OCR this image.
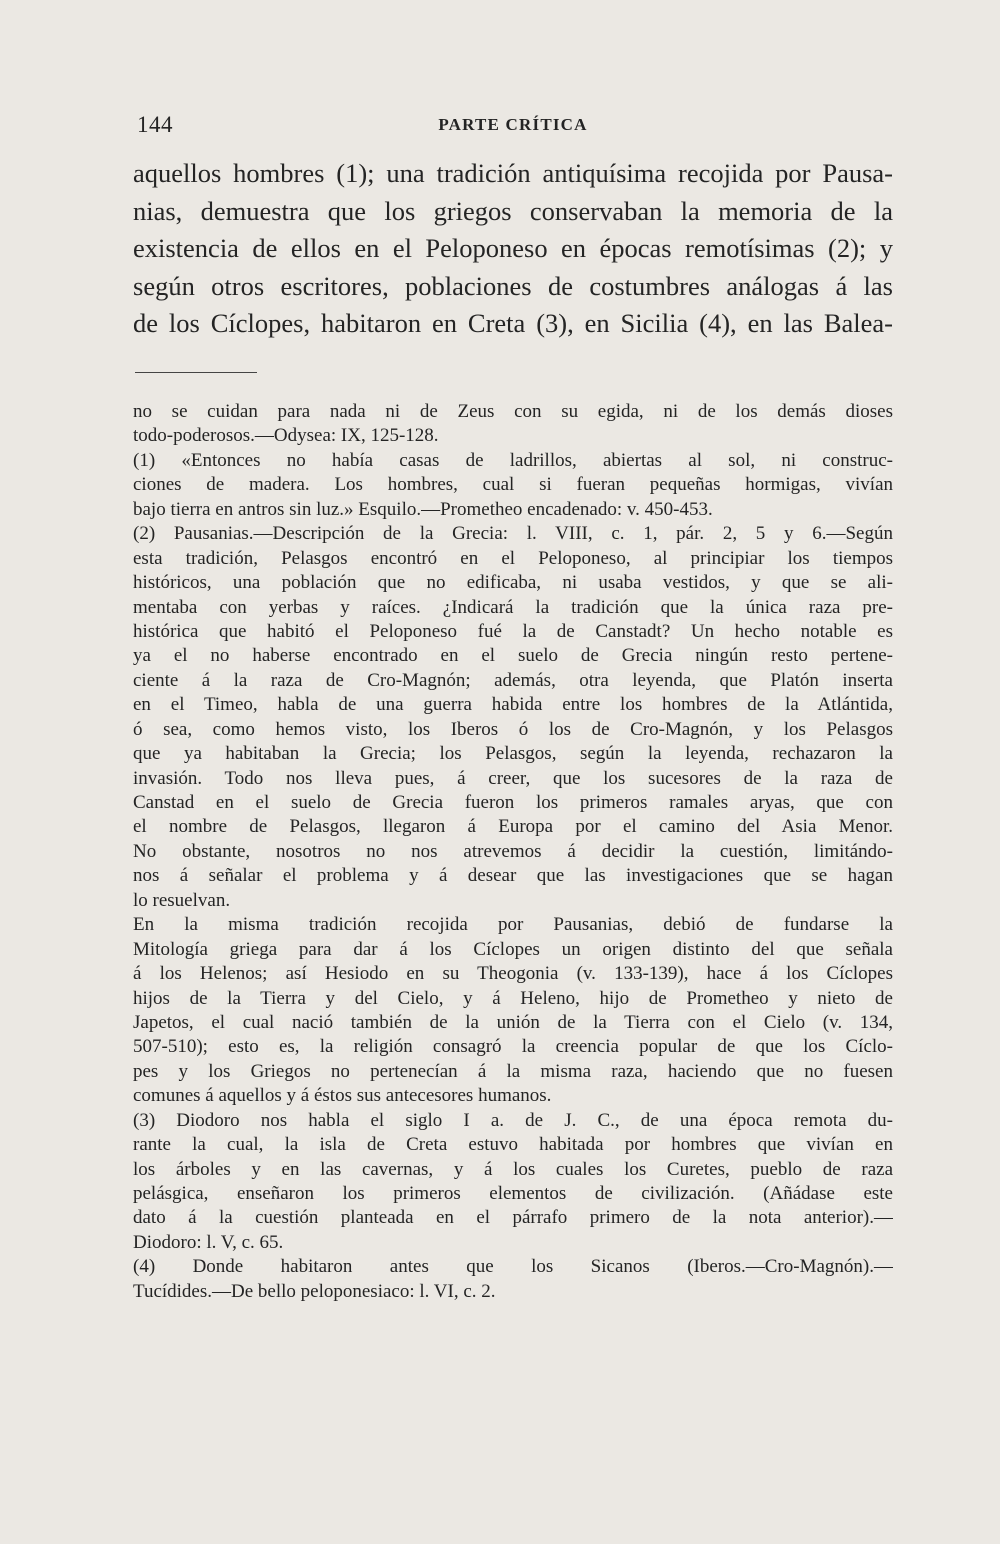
144	PARTE CRÍTICA
aquellos hombres (1); una tradición antiquísima recojida por Pausa-
nias, demuestra que los griegos conservaban la memoria de la
existencia de ellos en el Peloponeso en épocas remotísimas (2); y
según otros escritores, poblaciones de costumbres análogas á las
de los Cíclopes, habitaron en Creta (3), en Sicilia (4), en las Balea-
no se cuidan para nada ni de Zeus con su egida, ni de los demás dioses
todo-poderosos.—Odysea: IX, 125-128.
(1) «Entonces no había casas de ladrillos, abiertas al sol, ni construc-
ciones de madera. Los hombres, cual si fueran pequeñas hormigas, vivían
bajo tierra en antros sin luz.» Esquilo.—Prometheo encadenado: v. 450-453.
(2) Pausanias.—Descripción de la Grecia: l. VIII, c. 1, pár. 2, 5 y 6.—Según
esta tradición, Pelasgos encontró en el Peloponeso, al principiar los tiempos
históricos, una población que no edificaba, ni usaba vestidos, y que se ali-
mentaba con yerbas y raíces. ¿Indicará la tradición que la única raza pre-
histórica que habitó el Peloponeso fué la de Canstadt? Un hecho notable es
ya el no haberse encontrado en el suelo de Grecia ningún resto pertene-
ciente á la raza de Cro-Magnón; además, otra leyenda, que Platón inserta
en el Timeo, habla de una guerra habida entre los hombres de la Atlántida,
ó sea, como hemos visto, los Iberos ó los de Cro-Magnón, y los Pelasgos
que ya habitaban la Grecia; los Pelasgos, según la leyenda, rechazaron la
invasión. Todo nos lleva pues, á creer, que los sucesores de la raza de
Canstad en el suelo de Grecia fueron los primeros ramales aryas, que con
el nombre de Pelasgos, llegaron á Europa por el camino del Asia Menor.
No obstante, nosotros no nos atrevemos á decidir la cuestión, limitándo-
nos á señalar el problema y á desear que las investigaciones que se hagan
lo resuelvan.
En la misma tradición recojida por Pausanias, debió de fundarse la
Mitología griega para dar á los Cíclopes un origen distinto del que señala
á los Helenos; así Hesiodo en su Theogonia (v. 133-139), hace á los Cíclopes
hijos de la Tierra y del Cielo, y á Heleno, hijo de Prometheo y nieto de
Japetos, el cual nació también de la unión de la Tierra con el Cielo (v. 134,
507-510); esto es, la religión consagró la creencia popular de que los Cíclo-
pes y los Griegos no pertenecían á la misma raza, haciendo que no fuesen
comunes á aquellos y á éstos sus antecesores humanos.
(3) Diodoro nos habla el siglo I a. de J. C., de una época remota du-
rante la cual, la isla de Creta estuvo habitada por hombres que vivían en
los árboles y en las cavernas, y á los cuales los Curetes, pueblo de raza
pelásgica, enseñaron los primeros elementos de civilización. (Añádase este
dato á la cuestión planteada en el párrafo primero de la nota anterior).—
Diodoro: l. V, c. 65.
(4) Donde habitaron antes que los Sicanos (Iberos.—Cro-Magnón).—
Tucídides.—De bello peloponesiaco: l. VI, c. 2.
